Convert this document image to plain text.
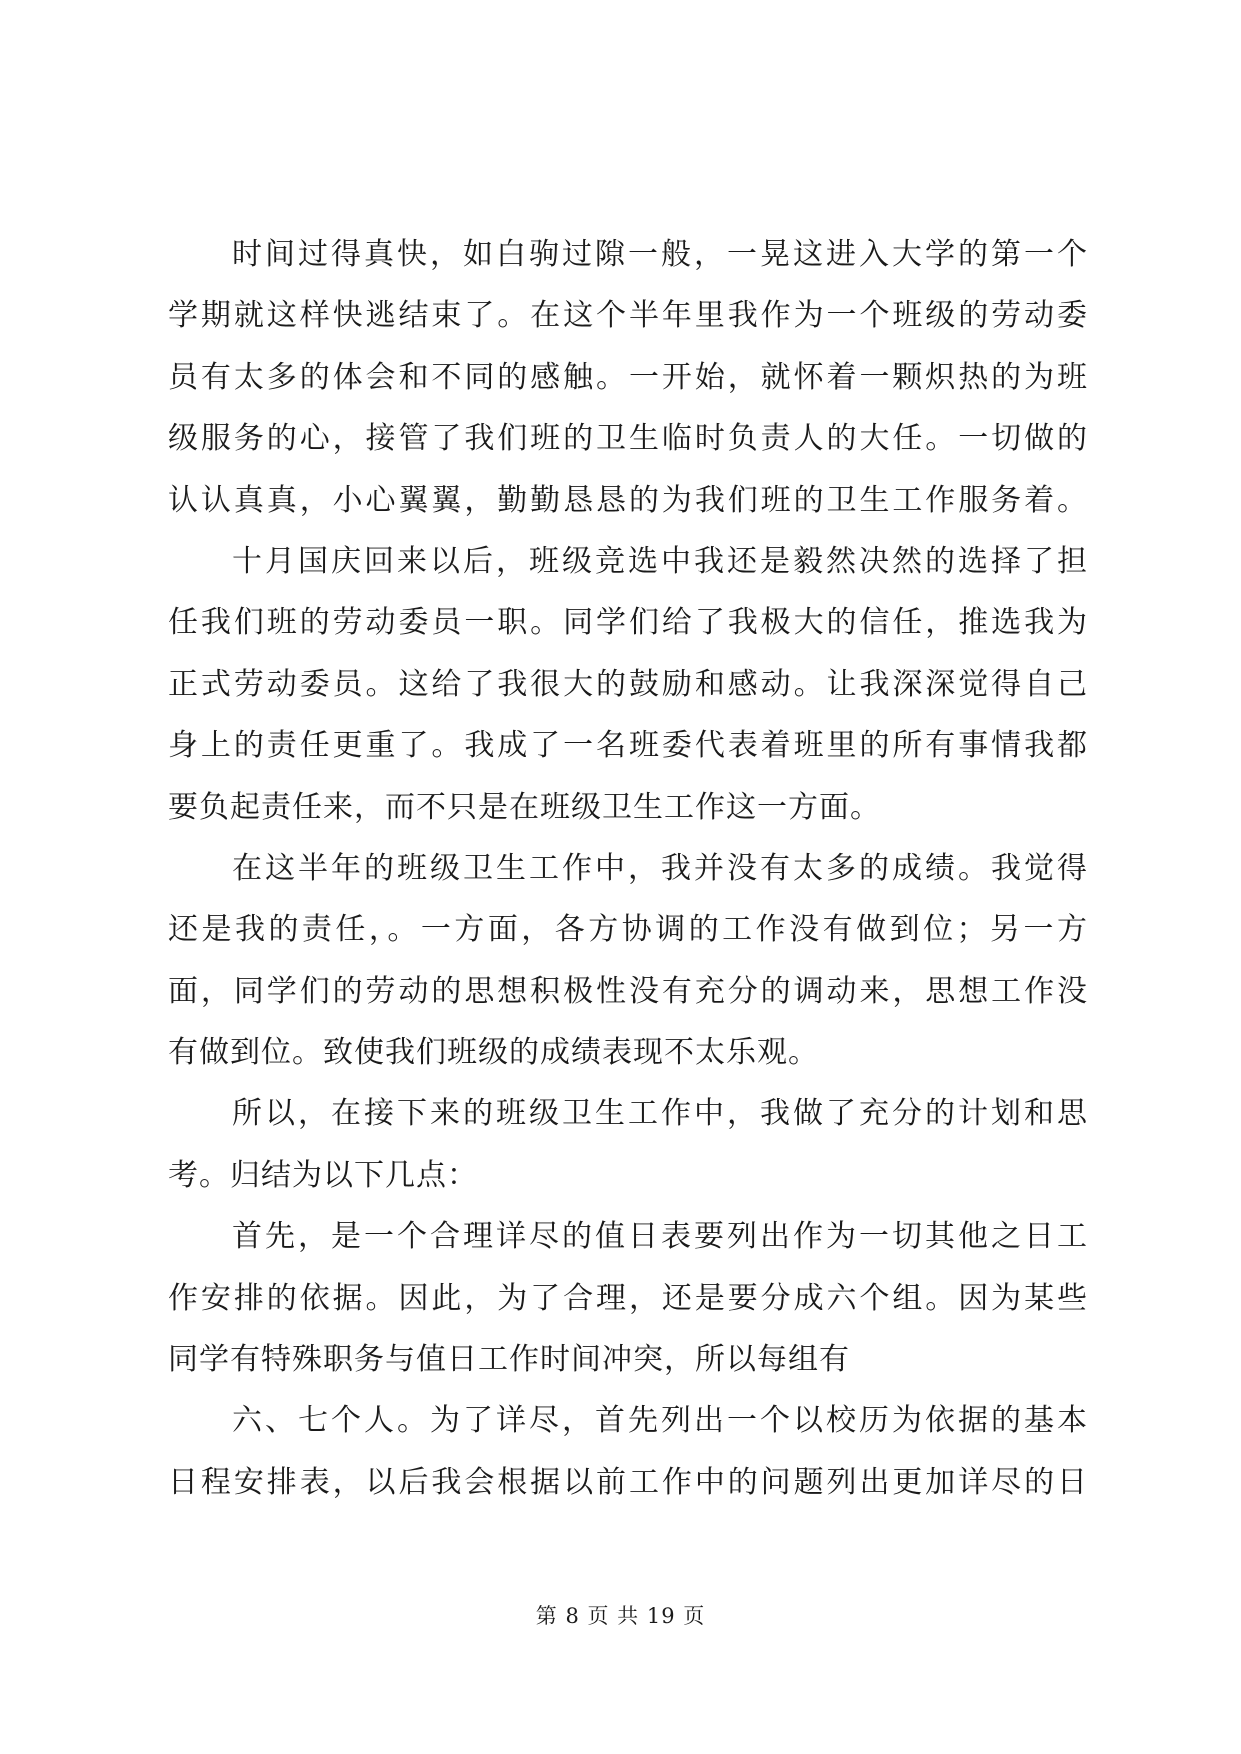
时间过得真快，如白驹过隙一般，一晃这进入大学的第一个
学期就这样快逃结束了。在这个半年里我作为一个班级的劳动委
员有太多的体会和不同的感触。一开始，就怀着一颗炽热的为班
级服务的心，接管了我们班的卫生临时负责人的大任。一切做的
认认真真，小心翼翼，勤勤恳恳的为我们班的卫生工作服务着。
十月国庆回来以后，班级竞选中我还是毅然决然的选择了担
任我们班的劳动委员一职。同学们给了我极大的信任，推选我为
正式劳动委员。这给了我很大的鼓励和感动。让我深深觉得自己
身上的责任更重了。我成了一名班委代表着班里的所有事情我都
要负起责任来，而不只是在班级卫生工作这一方面。
在这半年的班级卫生工作中，我并没有太多的成绩。我觉得
还是我的责任，。一方面，各方协调的工作没有做到位；另一方
面，同学们的劳动的思想积极性没有充分的调动来，思想工作没
有做到位。致使我们班级的成绩表现不太乐观。
所以，在接下来的班级卫生工作中，我做了充分的计划和思
考。归结为以下几点：
首先，是一个合理详尽的值日表要列出作为一切其他之日工
作安排的依据。因此，为了合理，还是要分成六个组。因为某些
同学有特殊职务与值日工作时间冲突，所以每组有
六、七个人。为了详尽，首先列出一个以校历为依据的基本
日程安排表，以后我会根据以前工作中的问题列出更加详尽的日
第 8 页 共 19 页
